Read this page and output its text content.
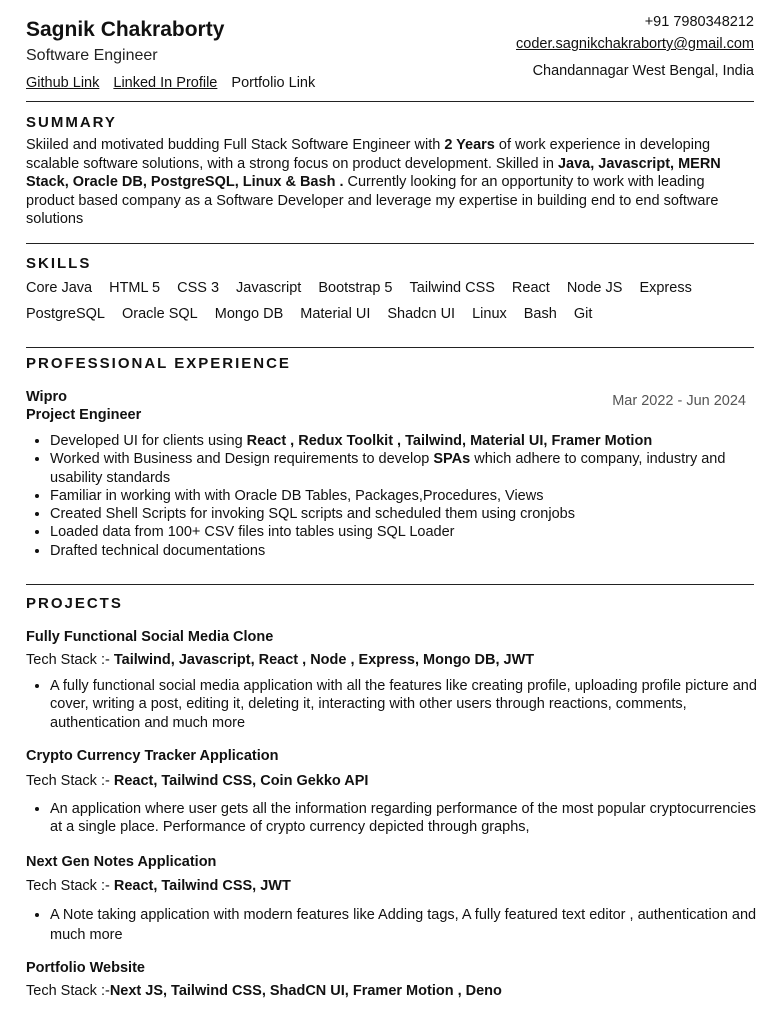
Sagnik Chakraborty
Software Engineer
Github Link Linked In Profile Portfolio Link
+91 7980348212
coder.sagnikchakraborty@gmail.com
Chandannagar West Bengal, India
SUMMARY
Skiiled and motivated budding Full Stack Software Engineer with 2 Years of work experience in developing scalable software solutions, with a strong focus on product development. Skilled in Java, Javascript, MERN Stack, Oracle DB, PostgreSQL, Linux & Bash . Currently looking for an opportunity to work with leading product based company as a Software Developer and leverage my expertise in building end to end software solutions
SKILLS
Core Java HTML 5 CSS 3 Javascript Bootstrap 5 Tailwind CSS React Node JS Express
PostgreSQL Oracle SQL Mongo DB Material UI Shadcn UI Linux Bash Git
PROFESSIONAL EXPERIENCE
Wipro
Project Engineer
Mar 2022 - Jun 2024
• Developed UI for clients using React , Redux Toolkit , Tailwind, Material UI, Framer Motion
• Worked with Business and Design requirements to develop SPAs which adhere to company, industry and usability standards
• Familiar in working with with Oracle DB Tables, Packages,Procedures, Views
• Created Shell Scripts for invoking SQL scripts and scheduled them using cronjobs
• Loaded data from 100+ CSV files into tables using SQL Loader
• Drafted technical documentations
PROJECTS
Fully Functional Social Media Clone
Tech Stack :- Tailwind, Javascript, React , Node , Express, Mongo DB, JWT
• A fully functional social media application with all the features like creating profile, uploading profile picture and cover, writing a post, editing it, deleting it, interacting with other users through reactions, comments, authentication and much more
Crypto Currency Tracker Application
Tech Stack :- React, Tailwind CSS, Coin Gekko API
• An application where user gets all the information regarding performance of the most popular cryptocurrencies at a single place. Performance of crypto currency depicted through graphs,
Next Gen Notes Application
Tech Stack :- React, Tailwind CSS, JWT
• A Note taking application with modern features like Adding tags, A fully featured text editor , authentication and much more
Portfolio Website
Tech Stack :-Next JS, Tailwind CSS, ShadCN UI, Framer Motion , Deno
